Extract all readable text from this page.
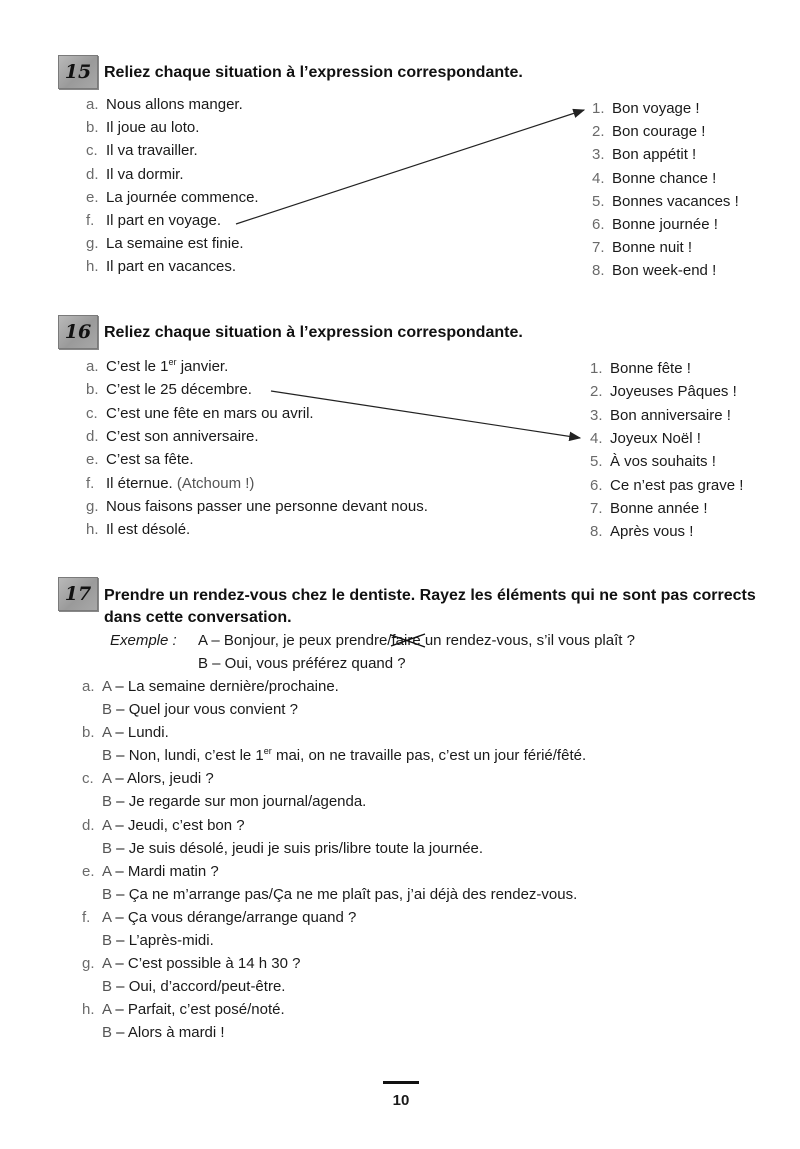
15 Reliez chaque situation à l’expression correspondante.
a. Nous allons manger.
b. Il joue au loto.
c. Il va travailler.
d. Il va dormir.
e. La journée commence.
f. Il part en voyage.
g. La semaine est finie.
h. Il part en vacances.
1. Bon voyage !
2. Bon courage !
3. Bon appétit !
4. Bonne chance !
5. Bonnes vacances !
6. Bonne journée !
7. Bonne nuit !
8. Bon week-end !
16 Reliez chaque situation à l’expression correspondante.
a. C’est le 1er janvier.
b. C’est le 25 décembre.
c. C’est une fête en mars ou avril.
d. C’est son anniversaire.
e. C’est sa fête.
f. Il éternue. (Atchoum !)
g. Nous faisons passer une personne devant nous.
h. Il est désolé.
1. Bonne fête !
2. Joyeuses Pâques !
3. Bon anniversaire !
4. Joyeux Noël !
5. À vos souhaits !
6. Ce n’est pas grave !
7. Bonne année !
8. Après vous !
17 Prendre un rendez-vous chez le dentiste. Rayez les éléments qui ne sont pas corrects
dans cette conversation.
Exemple : A – Bonjour, je peux prendre/faire
un rendez-vous, s’il vous plaît ?
B – Oui, vous préférez quand ?
a. A – La semaine dernière/prochaine.
B – Quel jour vous convient ?
b. A – Lundi.
B – Non, lundi, c’est le 1er mai, on ne travaille pas, c’est un jour férié/fêté.
c. A – Alors, jeudi ?
B – Je regarde sur mon journal/agenda.
d. A – Jeudi, c’est bon ?
B – Je suis désolé, jeudi je suis pris/libre toute la journée.
e. A – Mardi matin ?
B – Ça ne m’arrange pas/Ça ne me plaît pas, j’ai déjà des rendez-vous.
f. A – Ça vous dérange/arrange quand ?
B – L’après-midi.
g. A – C’est possible à 14 h 30 ?
B – Oui, d’accord/peut-être.
h. A – Parfait, c’est posé/noté.
B – Alors à mardi !
10
